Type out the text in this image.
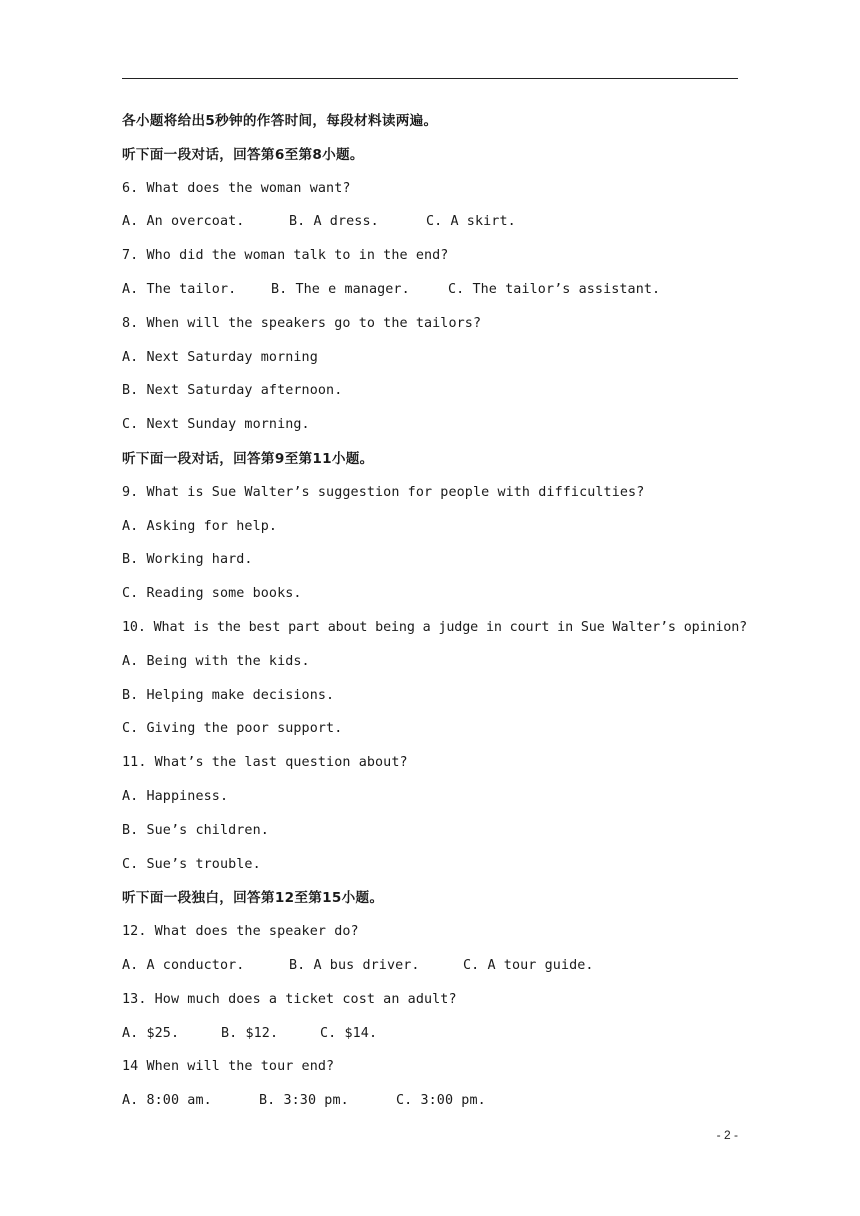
各小题将给出5秒钟的作答时间，每段材料读两遍。
听下面一段对话，回答第6至第8小题。
6. What does the woman want?
A. An overcoat.	B. A dress.	C. A skirt.
7. Who did the woman talk to in the end?
A. The tailor.	B. The e manager.	C. The tailor’s assistant.
8. When will the speakers go to the tailors?
A. Next Saturday morning
B. Next Saturday afternoon.
C. Next Sunday morning.
听下面一段对话，回答第9至第11小题。
9. What is Sue Walter’s suggestion for people with difficulties?
A. Asking for help.
B. Working hard.
C. Reading some books.
10. What is the best part about being a judge in court in Sue Walter’s opinion?
A. Being with the kids.
B. Helping make decisions.
C. Giving the poor support.
11. What’s the last question about?
A. Happiness.
B. Sue’s children.
C. Sue’s trouble.
听下面一段独白，回答第12至第15小题。
12. What does the speaker do?
A. A conductor.	B. A bus driver.	C. A tour guide.
13. How much does a ticket cost an adult?
A. $25.	B. $12.	C. $14.
14 When will the tour end?
A. 8:00 am.	B. 3:30 pm.	C. 3:00 pm.
- 2 -
